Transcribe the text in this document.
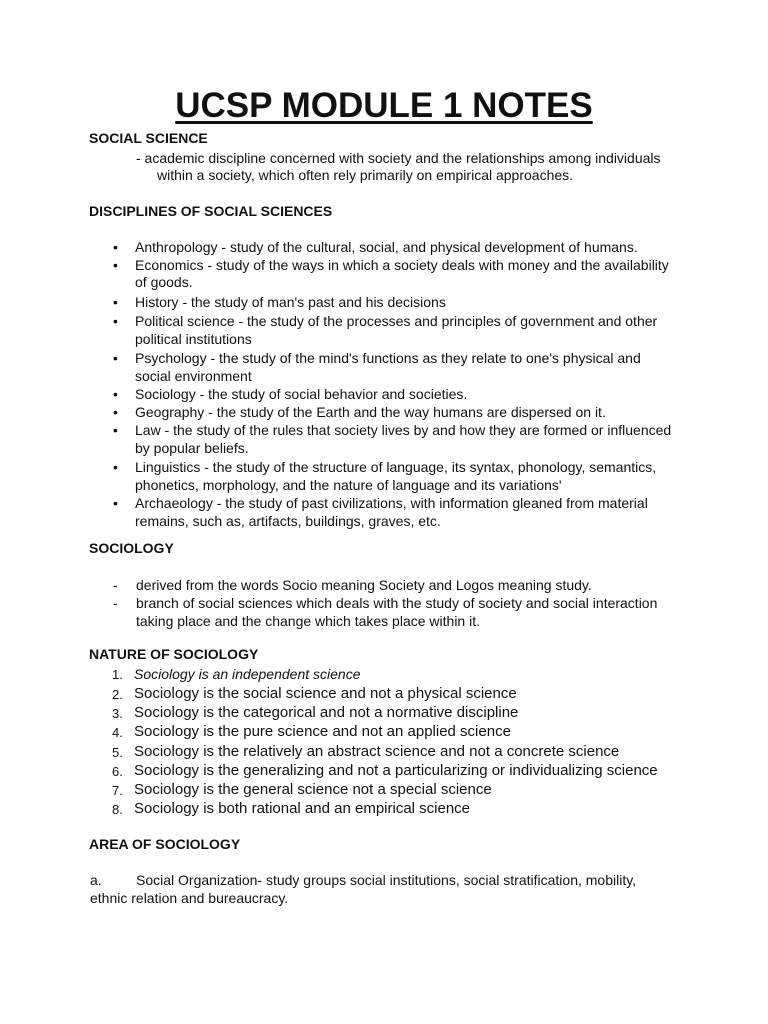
UCSP MODULE 1 NOTES
SOCIAL SCIENCE
- academic discipline concerned with society and the relationships among individuals
within a society, which often rely primarily on empirical approaches.
DISCIPLINES OF SOCIAL SCIENCES
• Anthropology - study of the cultural, social, and physical development of humans.
• Economics - study of the ways in which a society deals with money and the availability
of goods.
• History - the study of man's past and his decisions
• Political science - the study of the processes and principles of government and other
political institutions
• Psychology - the study of the mind's functions as they relate to one's physical and
social environment
• Sociology - the study of social behavior and societies.
• Geography - the study of the Earth and the way humans are dispersed on it.
• Law - the study of the rules that society lives by and how they are formed or influenced
by popular beliefs.
• Linguistics - the study of the structure of language, its syntax, phonology, semantics,
phonetics, morphology, and the nature of language and its variations'
• Archaeology - the study of past civilizations, with information gleaned from material
remains, such as, artifacts, buildings, graves, etc.
SOCIOLOGY
- derived from the words Socio meaning Society and Logos meaning study.
- branch of social sciences which deals with the study of society and social interaction
taking place and the change which takes place within it.
NATURE OF SOCIOLOGY
1. Sociology is an independent science
2. Sociology is the social science and not a physical science
3. Sociology is the categorical and not a normative discipline
4. Sociology is the pure science and not an applied science
5. Sociology is the relatively an abstract science and not a concrete science
6. Sociology is the generalizing and not a particularizing or individualizing science
7. Sociology is the general science not a special science
8. Sociology is both rational and an empirical science
AREA OF SOCIOLOGY
a. Social Organization- study groups social institutions, social stratification, mobility,
ethnic relation and bureaucracy.
